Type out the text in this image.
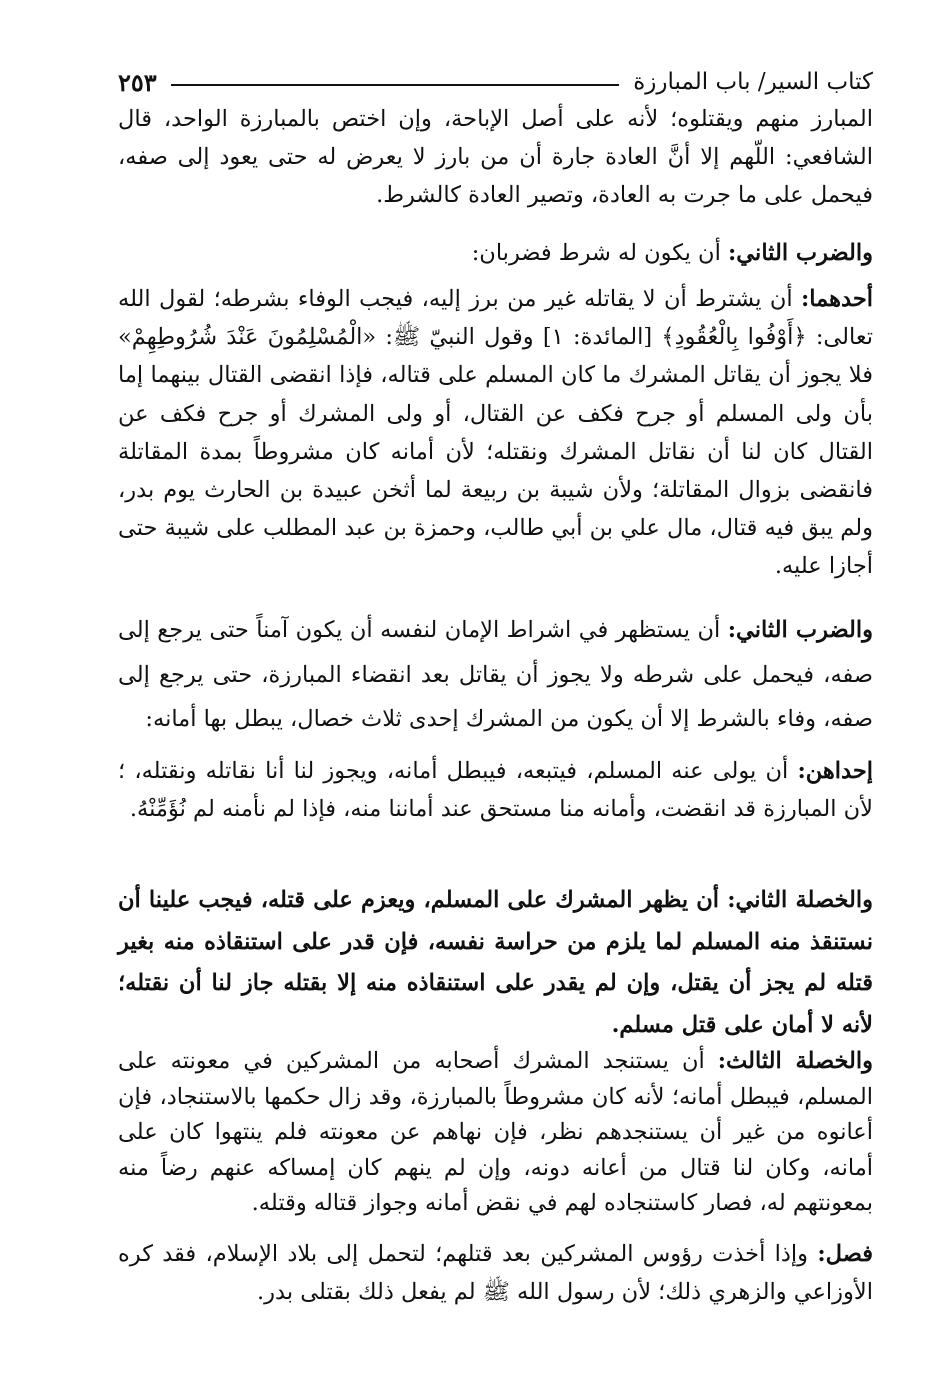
كتاب السير/ باب المبارزة
٢٥٣

المبارز منهم ويقتلوه؛ لأنه على أصل الإباحة، وإن اختص بالمبارزة الواحد، قال الشافعي: اللّهم إلا أنَّ العادة جارة أن من بارز لا يعرض له حتى يعود إلى صفه، فيحمل على ما جرت به العادة، وتصير العادة كالشرط.

والضرب الثاني: أن يكون له شرط فضربان:

أحدهما: أن يشترط أن لا يقاتله غير من برز إليه، فيجب الوفاء بشرطه؛ لقول الله تعالى: ﴿أَوْفُوا بِالْعُقُودِ﴾ [المائدة: ١] وقول النبيّ ﷺ: «الْمُسْلِمُونَ عَنْدَ شُرُوطِهِمْ» فلا يجوز أن يقاتل المشرك ما كان المسلم على قتاله، فإذا انقضى القتال بينهما إما بأن ولى المسلم أو جرح فكف عن القتال، أو ولى المشرك أو جرح فكف عن القتال كان لنا أن نقاتل المشرك ونقتله؛ لأن أمانه كان مشروطاً بمدة المقاتلة فانقضى بزوال المقاتلة؛ ولأن شيبة بن ربيعة لما أثخن عبيدة بن الحارث يوم بدر، ولم يبق فيه قتال، مال علي بن أبي طالب، وحمزة بن عبد المطلب على شيبة حتى أجازا عليه.

والضرب الثاني: أن يستظهر في اشراط الإمان لنفسه أن يكون آمناً حتى يرجع إلى صفه، فيحمل على شرطه ولا يجوز أن يقاتل بعد انقضاء المبارزة، حتى يرجع إلى صفه، وفاء بالشرط إلا أن يكون من المشرك إحدى ثلاث خصال، يبطل بها أمانه:

إحداهن: أن يولى عنه المسلم، فيتبعه، فيبطل أمانه، ويجوز لنا أنا نقاتله ونقتله، ؛ لأن المبارزة قد انقضت، وأمانه منا مستحق عند أماننا منه، فإذا لم نأمنه لم نُؤَمِّنْهُ.

والخصلة الثاني: أن يظهر المشرك على المسلم، ويعزم على قتله، فيجب علينا أن نستنقذ منه المسلم لما يلزم من حراسة نفسه، فإن قدر على استنقاذه منه بغير قتله لم يجز أن يقتل، وإن لم يقدر على استنقاذه منه إلا بقتله جاز لنا أن نقتله؛ لأنه لا أمان على قتل مسلم.

والخصلة الثالث: أن يستنجد المشرك أصحابه من المشركين في معونته على المسلم، فيبطل أمانه؛ لأنه كان مشروطاً بالمبارزة، وقد زال حكمها بالاستنجاد، فإن أعانوه من غير أن يستنجدهم نظر، فإن نهاهم عن معونته فلم ينتهوا كان على أمانه، وكان لنا قتال من أعانه دونه، وإن لم ينهم كان إمساكه عنهم رضاً منه بمعونتهم له، فصار كاستنجاده لهم في نقض أمانه وجواز قتاله وقتله.

فصل: وإذا أخذت رؤوس المشركين بعد قتلهم؛ لتحمل إلى بلاد الإسلام، فقد كره الأوزاعي والزهري ذلك؛ لأن رسول الله ﷺ لم يفعل ذلك بقتلى بدر.
